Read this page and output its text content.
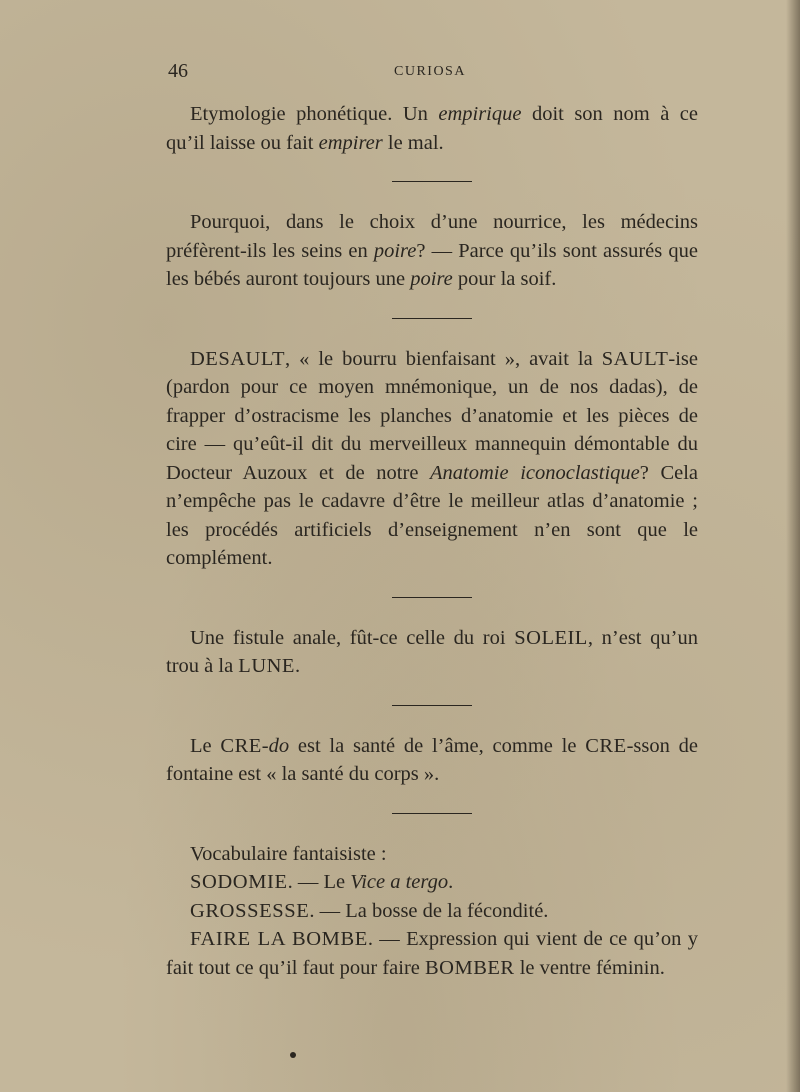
46	CURIOSA

Etymologie phonétique. Un empirique doit son nom à ce qu’il laisse ou fait empirer le mal.

Pourquoi, dans le choix d’une nourrice, les médecins préfèrent-ils les seins en poire? — Parce qu’ils sont assurés que les bébés auront toujours une poire pour la soif.

DESAULT, « le bourru bienfaisant », avait la SAULT-ise (pardon pour ce moyen mnémonique, un de nos dadas), de frapper d’ostracisme les planches d’anatomie et les pièces de cire — qu’eût-il dit du merveilleux mannequin démontable du Docteur Auzoux et de notre Anatomie iconoclastique? Cela n’empêche pas le cadavre d’être le meilleur atlas d’anatomie ; les procédés artificiels d’enseignement n’en sont que le complément.

Une fistule anale, fût-ce celle du roi SOLEIL, n’est qu’un trou à la LUNE.

Le CRE-do est la santé de l’âme, comme le CRE-sson de fontaine est « la santé du corps ».

Vocabulaire fantaisiste :

SODOMIE. — Le Vice a tergo.

GROSSESSE. — La bosse de la fécondité.

FAIRE LA BOMBE. — Expression qui vient de ce qu’on y fait tout ce qu’il faut pour faire BOMBER le ventre féminin.
